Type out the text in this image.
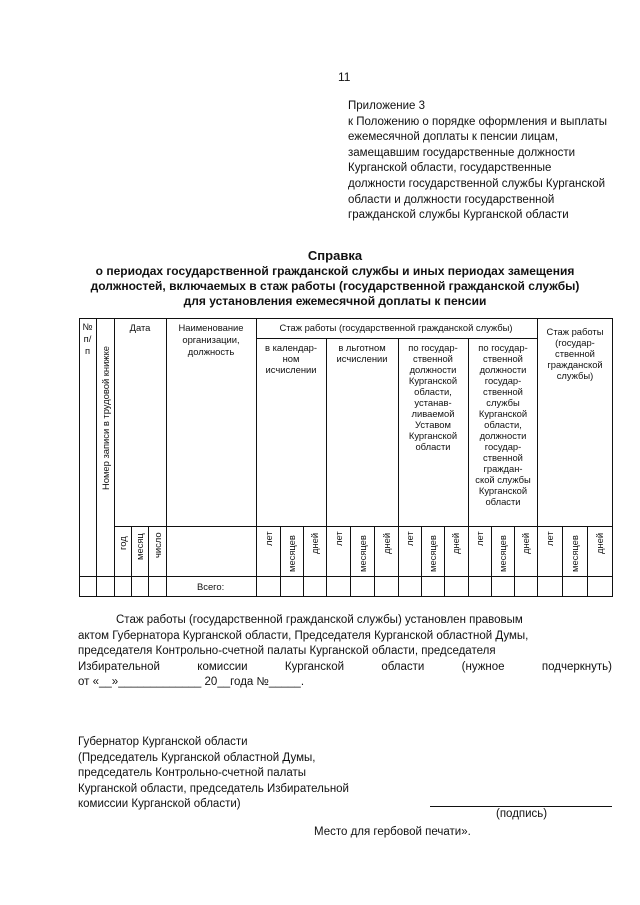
11
Приложение 3
к Положению о порядке оформления и выплаты ежемесячной доплаты к пенсии лицам, замещавшим государственные должности Курганской области, государственные должности государственной службы Курганской области и должности государственной гражданской службы Курганской области
Справка
о периодах государственной гражданской службы и иных периодах замещения
должностей, включаемых в стаж работы (государственной гражданской службы)
для установления ежемесячной доплаты к пенсии
№
п/
п Номер записи в трудовой книжке
Дата
год месяц число
Наименование
организации,
должность
Стаж работы (государственной гражданской службы)
в календар-
ном
исчислении
в льготном
исчислении
по государ-
ственной
должности
Курганской
области,
устанав-
ливаемой
Уставом
Курганской
области
по государ-
ственной
должности
государ-
ственной
службы
Курганской
области,
должности
государ-
ственной
граждан-
ской службы
Курганской
области
Стаж работы
(государ-
ственной
гражданской
службы)
лет месяцев дней лет месяцев дней лет месяцев дней лет месяцев дней лет месяцев дней
Всего:
Стаж работы (государственной гражданской службы) установлен правовым
актом Губернатора Курганской области, Председателя Курганской областной Думы,
председателя Контрольно-счетной палаты Курганской области, председателя
Избирательной комиссии Курганской области (нужное подчеркнуть)
от «__»_____________ 20__года №_____.
Губернатор Курганской области
(Председатель Курганской областной Думы,
председатель Контрольно-счетной палаты
Курганской области, председатель Избирательной
комиссии Курганской области)
(подпись)
Место для гербовой печати».
